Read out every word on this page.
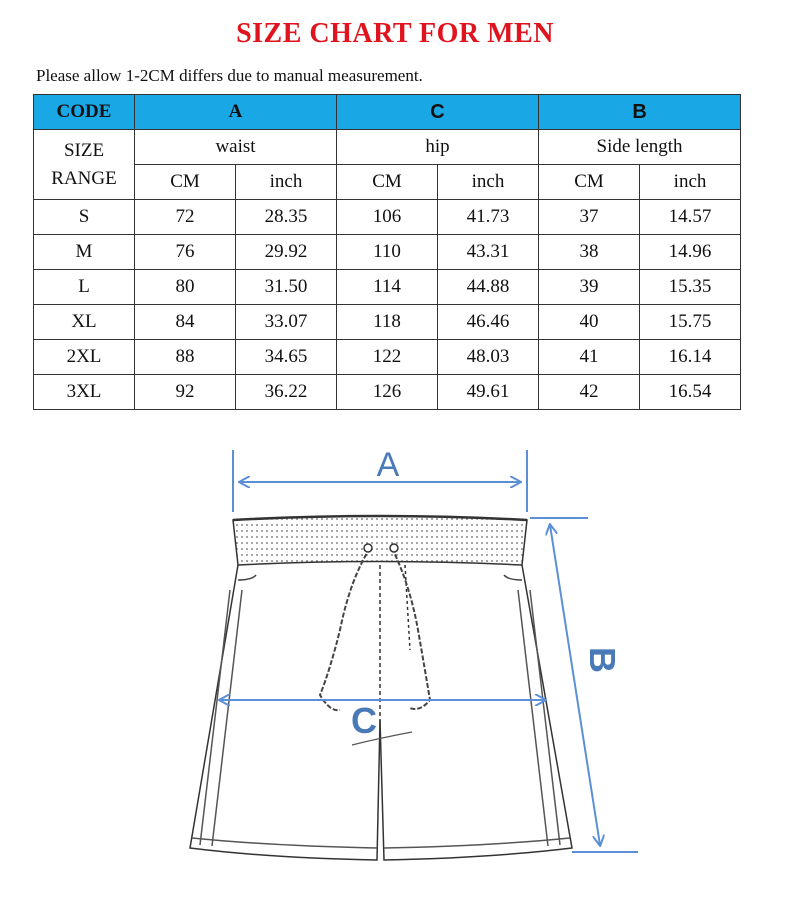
SIZE CHART FOR MEN
Please allow 1-2CM differs due to manual measurement.
CODE	A		C		B	
SIZE
RANGE	waist		hip		Side length	
	CM	inch	CM	inch	CM	inch
S	72	28.35	106	41.73	37	14.57
M	76	29.92	110	43.31	38	14.96
L	80	31.50	114	44.88	39	15.35
XL	84	33.07	118	46.46	40	15.75
2XL	88	34.65	122	48.03	41	16.14
3XL	92	36.22	126	49.61	42	16.54
A
B
C
